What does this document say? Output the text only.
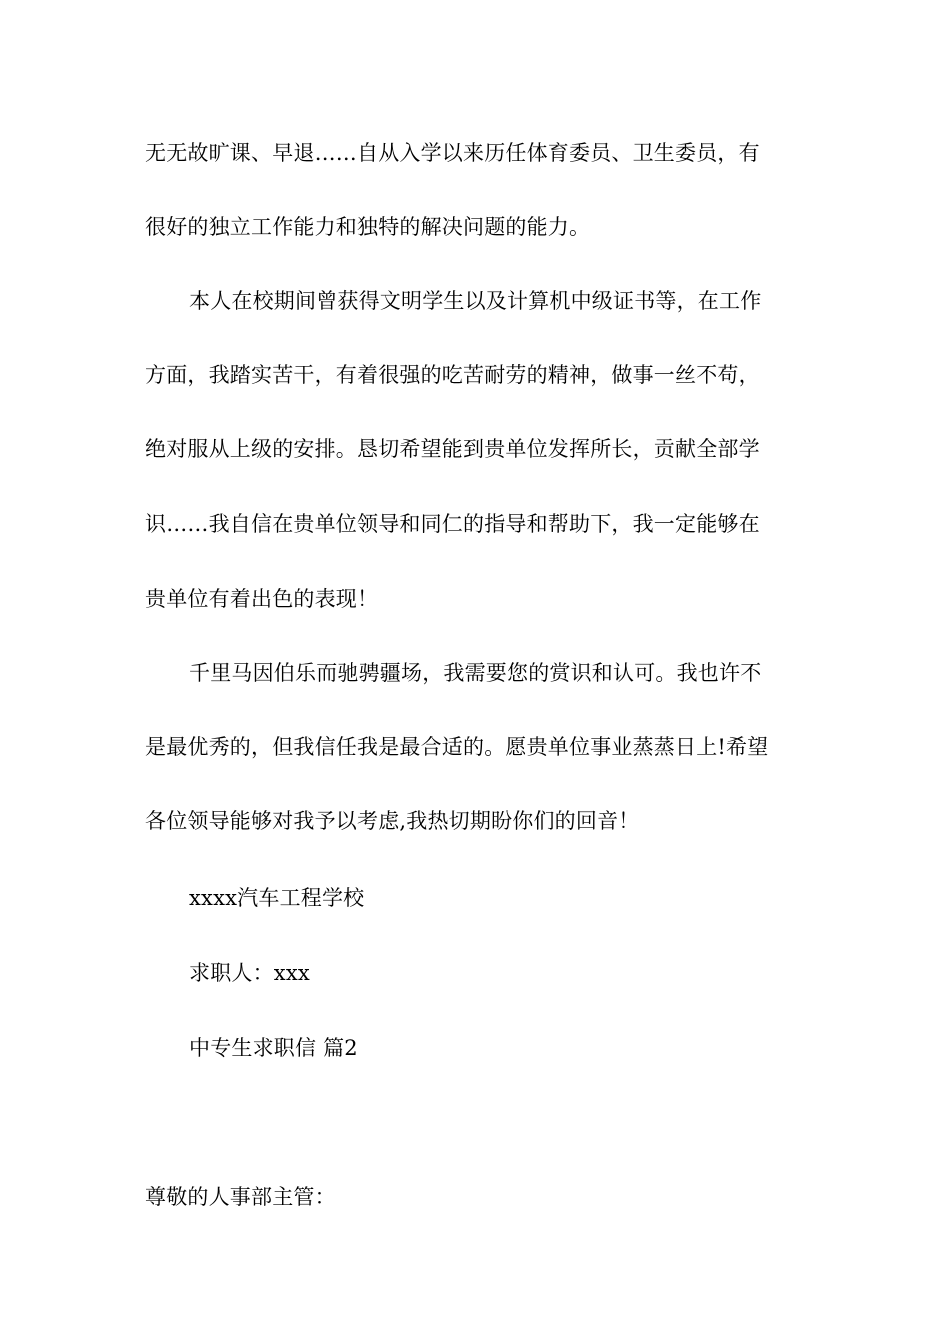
无无故旷课、早退……自从入学以来历任体育委员、卫生委员，有
很好的独立工作能力和独特的解决问题的能力。
本人在校期间曾获得文明学生以及计算机中级证书等，在工作
方面，我踏实苦干，有着很强的吃苦耐劳的精神，做事一丝不苟，
绝对服从上级的安排。恳切希望能到贵单位发挥所长，贡献全部学
识……我自信在贵单位领导和同仁的指导和帮助下，我一定能够在
贵单位有着出色的表现！
千里马因伯乐而驰骋疆场，我需要您的赏识和认可。我也许不
是最优秀的，但我信任我是最合适的。愿贵单位事业蒸蒸日上!希望
各位领导能够对我予以考虑,我热切期盼你们的回音！
xxxx汽车工程学校
求职人：xxx
中专生求职信 篇2
尊敬的人事部主管：
